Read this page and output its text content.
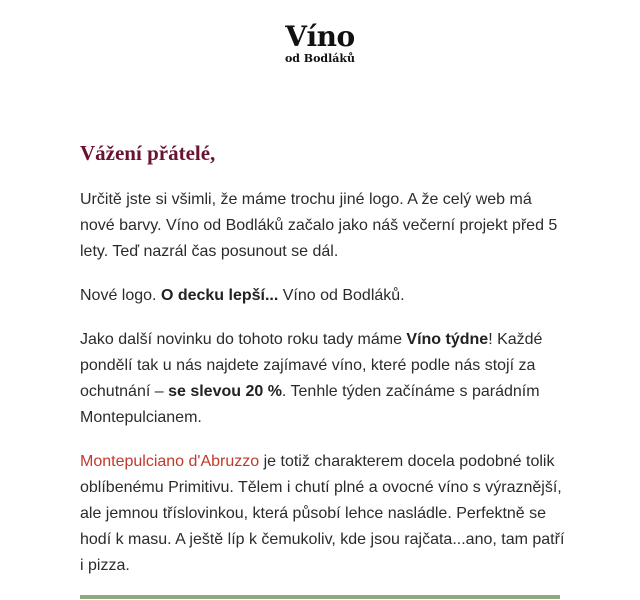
Víno
od Bodláků
Vážení přátelé,

Určitě jste si všimli, že máme trochu jiné logo. A že celý web má nové barvy. Víno od Bodláků začalo jako náš večerní projekt před 5 lety. Teď nazrál čas posunout se dál.

Nové logo. O decku lepší... Víno od Bodláků.

Jako další novinku do tohoto roku tady máme Víno týdne! Každé pondělí tak u nás najdete zajímavé víno, které podle nás stojí za ochutnání – se slevou 20 %. Tenhle týden začínáme s parádním Montepulcianem.

Montepulciano d'Abruzzo je totiž charakterem docela podobné tolik oblíbenému Primitivu. Tělem i chutí plné a ovocné víno s výraznější, ale jemnou tříslovinkou, která působí lehce nasládle. Perfektně se hodí k masu. A ještě líp k čemukoliv, kde jsou rajčata...ano, tam patří i pizza.
